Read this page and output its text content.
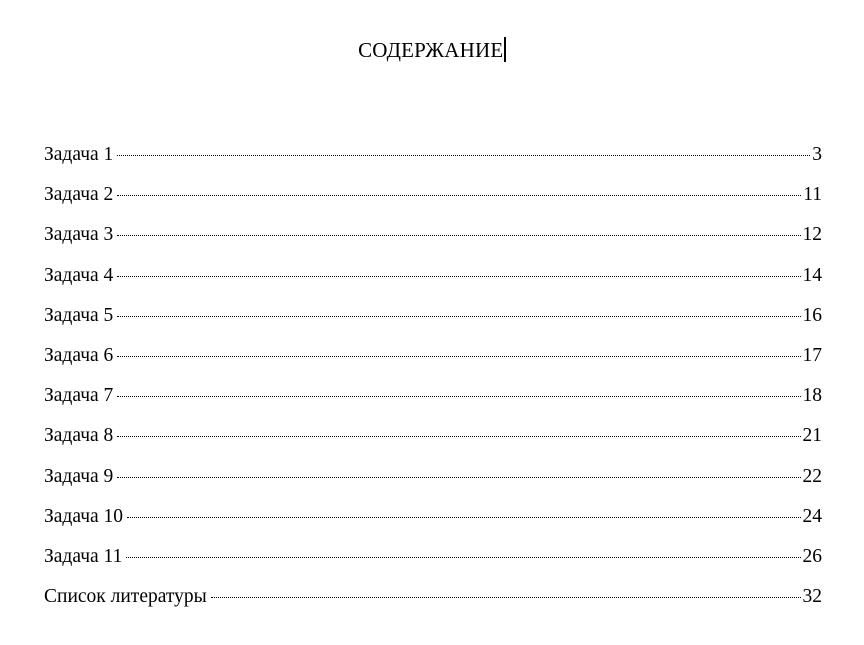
СОДЕРЖАНИЕ
Задача 1	3
Задача 2	11
Задача 3	12
Задача 4	14
Задача 5	16
Задача 6	17
Задача 7	18
Задача 8	21
Задача 9	22
Задача 10	24
Задача 11	26
Список литературы	32
